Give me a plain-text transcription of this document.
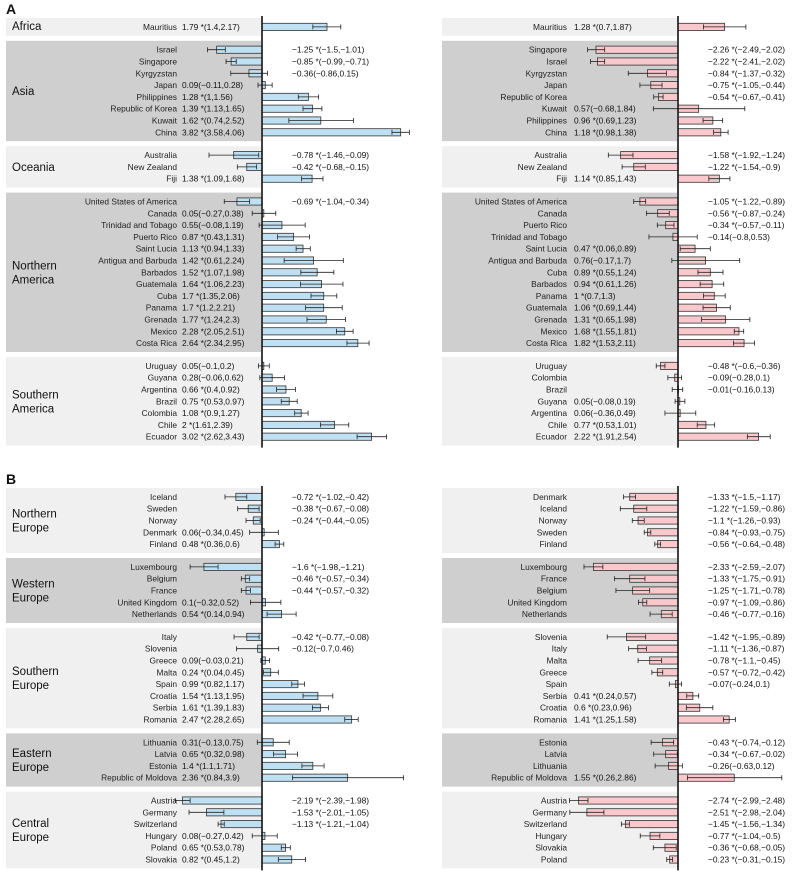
A
Africa	Mauritius 1.79 *(1.4,2.17)	Mauritius 1.28 *(0.7,1.87)
Asia
Israel	−1.25 *(−1.5,−1.01)
Singapore	−0.85 *(−0.99,−0.71)
Kyrgyzstan	−0.36(−0.86,0.15)
Japan 0.09(−0.11,0.28)
Philippines 1.28 *(1,1.56)
Republic of Korea 1.39 *(1.13,1.65)
Kuwait 1.62 *(0.74,2.52)
China 3.82 *(3.58,4.06)
Singapore	−2.26 *(−2.49,−2.02)
Israel	−2.22 *(−2.41,−2.02)
Kyrgyzstan	−0.84 *(−1.37,−0.32)
Japan	−0.75 *(−1.05,−0.44)
Republic of Korea	−0.54 *(−0.67,−0.41)
Kuwait 0.57(−0.68,1.84)
Philippines 0.96 *(0.69,1.23)
China 1.18 *(0.98,1.38)
Oceania
Australia	−0.78 *(−1.46,−0.09)
New Zealand	−0.42 *(−0.68,−0.15)
Fiji 1.38 *(1.09,1.68)
Australia	−1.58 *(−1.92,−1.24)
New Zealand	−1.22 *(−1.54,−0.9)
Fiji 1.14 *(0.85,1.43)
Northern America
United States of America	−0.69 *(−1.04,−0.34)
Canada 0.05(−0.27,0.38)
Trinidad and Tobago 0.55(−0.08,1.19)
Puerto Rico 0.87 *(0.43,1.31)
Saint Lucia 1.13 *(0.94,1.33)
Antigua and Barbuda 1.42 *(0.61,2.24)
Barbados 1.52 *(1.07,1.98)
Guatemala 1.64 *(1.06,2.23)
Cuba 1.7 *(1.35,2.06)
Panama 1.7 *(1.2,2.21)
Grenada 1.77 *(1.24,2.3)
Mexico 2.28 *(2.05,2.51)
Costa Rica 2.64 *(2.34,2.95)
United States of America	−1.05 *(−1.22,−0.89)
Canada	−0.56 *(−0.87,−0.24)
Puerto Rico	−0.34 *(−0.57,−0.11)
Trinidad and Tobago	−0.14(−0.8,0.53)
Saint Lucia 0.47 *(0.06,0.89)
Antigua and Barbuda 0.76(−0.17,1.7)
Cuba 0.89 *(0.55,1.24)
Barbados 0.94 *(0.61,1.26)
Panama 1 *(0.7,1.3)
Guatemala 1.06 *(0.69,1.44)
Grenada 1.31 *(0.65,1.98)
Mexico 1.68 *(1.55,1.81)
Costa Rica 1.82 *(1.53,2.11)
Southern America
Uruguay 0.05(−0.1,0.2)
Guyana 0.28(−0.06,0.62)
Argentina 0.66 *(0.4,0.92)
Brazil 0.75 *(0.53,0.97)
Colombia 1.08 *(0.9,1.27)
Chile 2 *(1.61,2.39)
Ecuador 3.02 *(2.62,3.43)
Uruguay	−0.48 *(−0.6,−0.36)
Colombia	−0.09(−0.28,0.1)
Brazil	−0.01(−0.16,0.13)
Guyana 0.05(−0.08,0.19)
Argentina 0.06(−0.36,0.49)
Chile 0.77 *(0.53,1.01)
Ecuador 2.22 *(1.91,2.54)
B
Northern Europe
Iceland	−0.72 *(−1.02,−0.42)
Sweden	−0.38 *(−0.67,−0.08)
Norway	−0.24 *(−0.44,−0.05)
Denmark 0.06(−0.34,0.45)
Finland 0.48 *(0.36,0.6)
Denmark	−1.33 *(−1.5,−1.17)
Iceland	−1.22 *(−1.59,−0.86)
Norway	−1.1 *(−1.26,−0.93)
Sweden	−0.84 *(−0.93,−0.75)
Finland	−0.56 *(−0.64,−0.48)
Western Europe
Luxembourg	−1.6 *(−1.98,−1.21)
Belgium	−0.46 *(−0.57,−0.34)
France	−0.44 *(−0.57,−0.32)
United Kingdom 0.1(−0.32,0.52)
Netherlands 0.54 *(0.14,0.94)
Luxembourg	−2.33 *(−2.59,−2.07)
France	−1.33 *(−1.75,−0.91)
Belgium	−1.25 *(−1.71,−0.78)
United Kingdom	−0.97 *(−1.09,−0.86)
Netherlands	−0.46 *(−0.77,−0.16)
Southern Europe
Italy	−0.42 *(−0.77,−0.08)
Slovenia	−0.12(−0.7,0.46)
Greece 0.09(−0.03,0.21)
Malta 0.24 *(0.04,0.45)
Spain 0.99 *(0.82,1.17)
Croatia 1.54 *(1.13,1.95)
Serbia 1.61 *(1.39,1.83)
Romania 2.47 *(2.28,2.65)
Slovenia	−1.42 *(−1.95,−0.89)
Italy	−1.11 *(−1.36,−0.87)
Malta	−0.78 *(−1.1,−0.45)
Greece	−0.57 *(−0.72,−0.42)
Spain	−0.07(−0.24,0.1)
Serbia 0.41 *(0.24,0.57)
Croatia 0.6 *(0.23,0.96)
Romania 1.41 *(1.25,1.58)
Eastern Europe
Lithuania 0.31(−0.13,0.75)
Latvia 0.65 *(0.32,0.98)
Estonia 1.4 *(1.1,1.71)
Republic of Moldova 2.36 *(0.84,3.9)
Estonia	−0.43 *(−0.74,−0.12)
Latvia	−0.34 *(−0.67,−0.02)
Lithuania	−0.26(−0.63,0.12)
Republic of Moldova 1.55 *(0.26,2.86)
Central Europe
Austria	−2.19 *(−2.39,−1.98)
Germany	−1.53 *(−2.01,−1.05)
Switzerland	−1.13 *(−1.21,−1.04)
Hungary 0.08(−0.27,0.42)
Poland 0.65 *(0.53,0.78)
Slovakia 0.82 *(0.45,1.2)
Austria	−2.74 *(−2.99,−2.48)
Germany	−2.51 *(−2.98,−2.04)
Switzerland	−1.45 *(−1.56,−1.34)
Hungary	−0.77 *(−1.04,−0.5)
Slovakia	−0.36 *(−0.68,−0.05)
Poland	−0.23 *(−0.31,−0.15)
